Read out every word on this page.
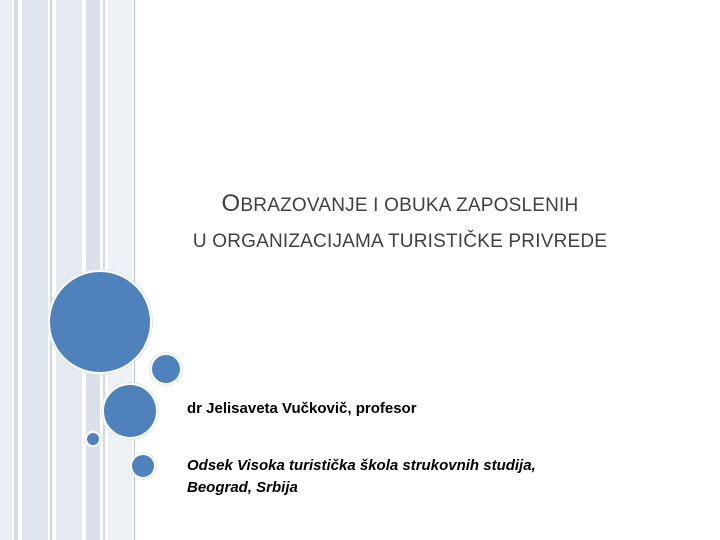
OBRAZOVANJE I OBUKA ZAPOSLENIH
U ORGANIZACIJAMA TURISTIČKE PRIVREDE
dr Jelisaveta Vučkovič, profesor
Odsek Visoka turistička škola strukovnih studija,
Beograd, Srbija
